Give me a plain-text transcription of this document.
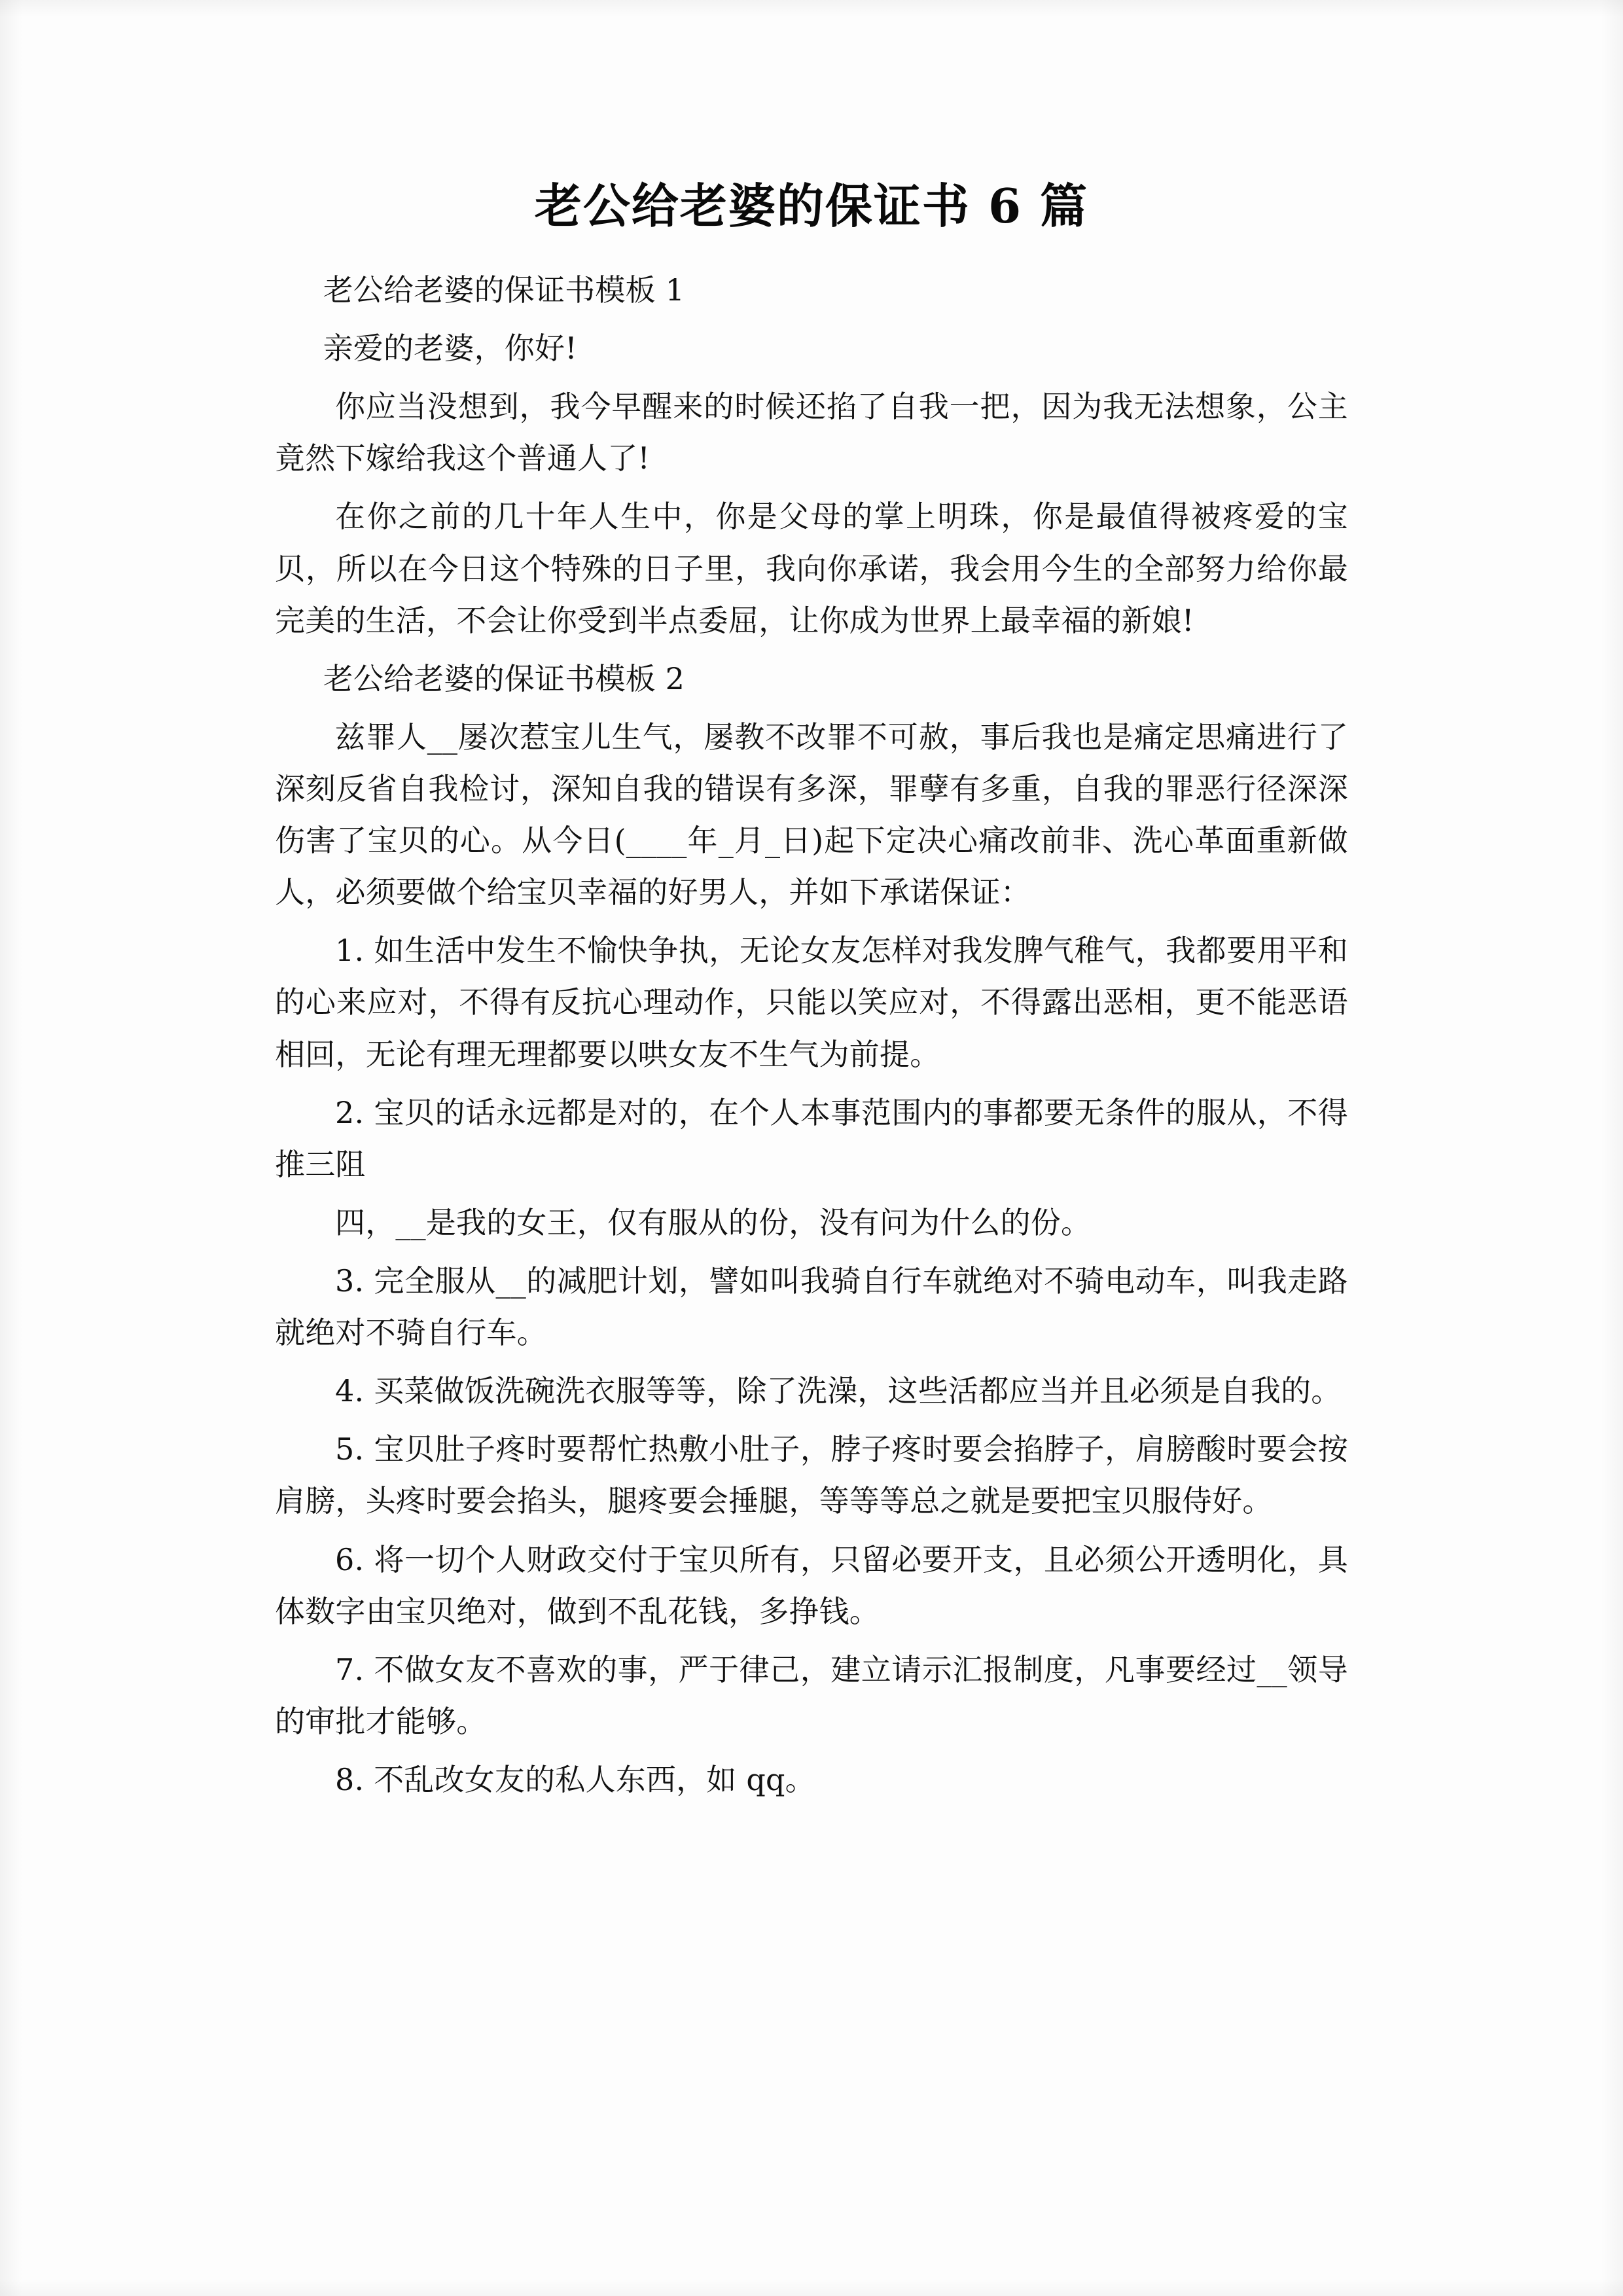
老公给老婆的保证书 6 篇

老公给老婆的保证书模板 1

亲爱的老婆，你好!

你应当没想到，我今早醒来的时候还掐了自我一把，因为我无法想象，公主竟然下嫁给我这个普通人了!

在你之前的几十年人生中，你是父母的掌上明珠，你是最值得被疼爱的宝贝，所以在今日这个特殊的日子里，我向你承诺，我会用今生的全部努力给你最完美的生活，不会让你受到半点委屈，让你成为世界上最幸福的新娘!

老公给老婆的保证书模板 2

兹罪人__屡次惹宝儿生气，屡教不改罪不可赦，事后我也是痛定思痛进行了深刻反省自我检讨，深知自我的错误有多深，罪孽有多重，自我的罪恶行径深深伤害了宝贝的心。从今日(____年_月_日)起下定决心痛改前非、洗心革面重新做人，必须要做个给宝贝幸福的好男人，并如下承诺保证：

1. 如生活中发生不愉快争执，无论女友怎样对我发脾气稚气，我都要用平和的心来应对，不得有反抗心理动作，只能以笑应对，不得露出恶相，更不能恶语相回，无论有理无理都要以哄女友不生气为前提。

2. 宝贝的话永远都是对的，在个人本事范围内的事都要无条件的服从，不得推三阻

四，__是我的女王，仅有服从的份，没有问为什么的份。

3. 完全服从__的减肥计划，譬如叫我骑自行车就绝对不骑电动车，叫我走路就绝对不骑自行车。

4. 买菜做饭洗碗洗衣服等等，除了洗澡，这些活都应当并且必须是自我的。

5. 宝贝肚子疼时要帮忙热敷小肚子，脖子疼时要会掐脖子，肩膀酸时要会按肩膀，头疼时要会掐头，腿疼要会捶腿，等等等总之就是要把宝贝服侍好。

6. 将一切个人财政交付于宝贝所有，只留必要开支，且必须公开透明化，具体数字由宝贝绝对，做到不乱花钱，多挣钱。

7. 不做女友不喜欢的事，严于律己，建立请示汇报制度，凡事要经过__领导的审批才能够。

8. 不乱改女友的私人东西，如 qq。
